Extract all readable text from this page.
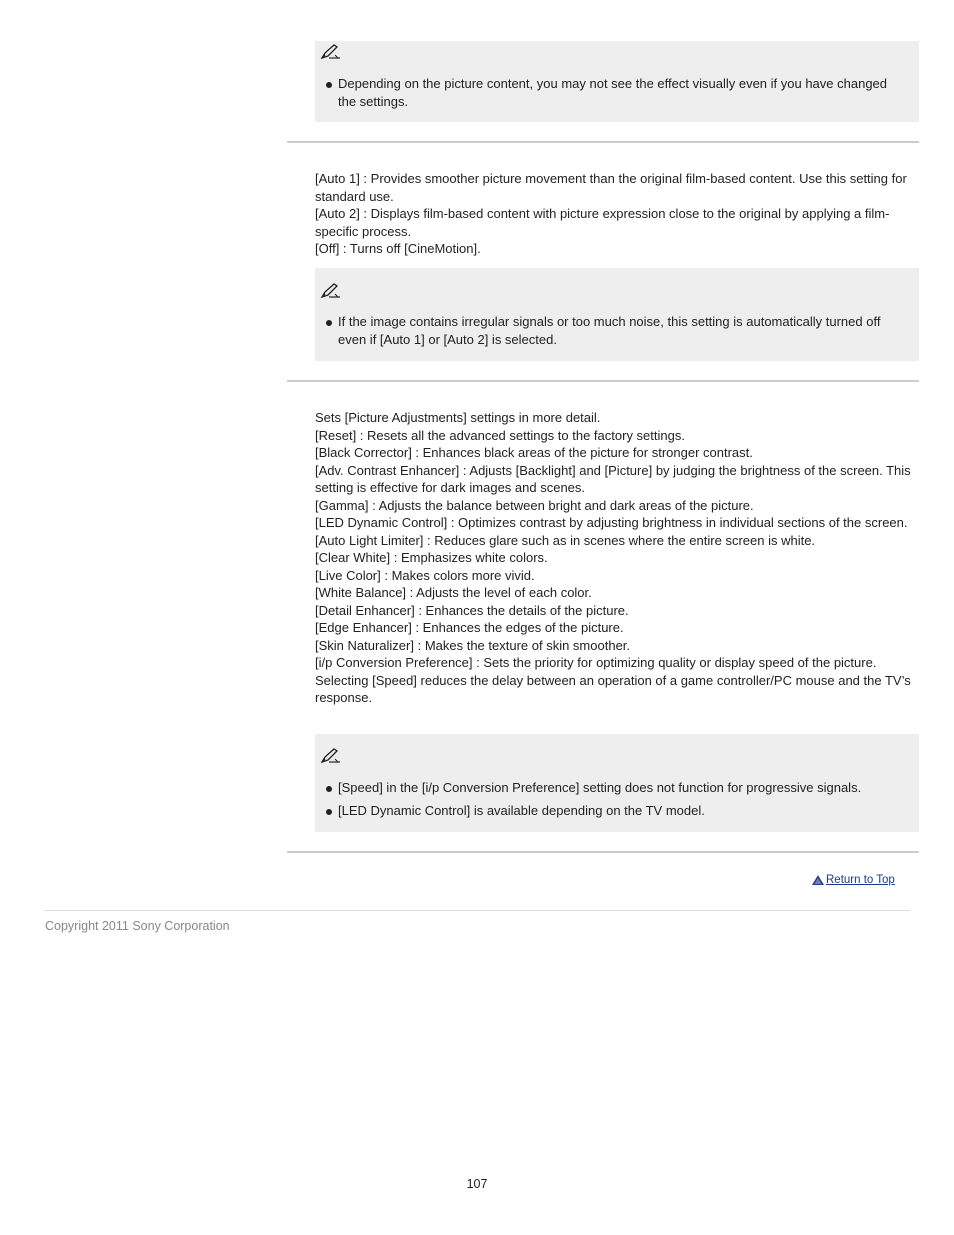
Depending on the picture content, you may not see the effect visually even if you have changed the settings.
[Auto 1] : Provides smoother picture movement than the original film-based content. Use this setting for standard use.
[Auto 2] : Displays film-based content with picture expression close to the original by applying a film-specific process.
[Off] : Turns off [CineMotion].
If the image contains irregular signals or too much noise, this setting is automatically turned off even if [Auto 1] or [Auto 2] is selected.
Sets [Picture Adjustments] settings in more detail.
[Reset] : Resets all the advanced settings to the factory settings.
[Black Corrector] : Enhances black areas of the picture for stronger contrast.
[Adv. Contrast Enhancer] : Adjusts [Backlight] and [Picture] by judging the brightness of the screen. This setting is effective for dark images and scenes.
[Gamma] : Adjusts the balance between bright and dark areas of the picture.
[LED Dynamic Control] : Optimizes contrast by adjusting brightness in individual sections of the screen.
[Auto Light Limiter] : Reduces glare such as in scenes where the entire screen is white.
[Clear White] : Emphasizes white colors.
[Live Color] : Makes colors more vivid.
[White Balance] : Adjusts the level of each color.
[Detail Enhancer] : Enhances the details of the picture.
[Edge Enhancer] : Enhances the edges of the picture.
[Skin Naturalizer] : Makes the texture of skin smoother.
[i/p Conversion Preference] : Sets the priority for optimizing quality or display speed of the picture. Selecting [Speed] reduces the delay between an operation of a game controller/PC mouse and the TV’s response.
[Speed] in the [i/p Conversion Preference] setting does not function for progressive signals.
[LED Dynamic Control] is available depending on the TV model.
Return to Top
Copyright 2011 Sony Corporation
107
